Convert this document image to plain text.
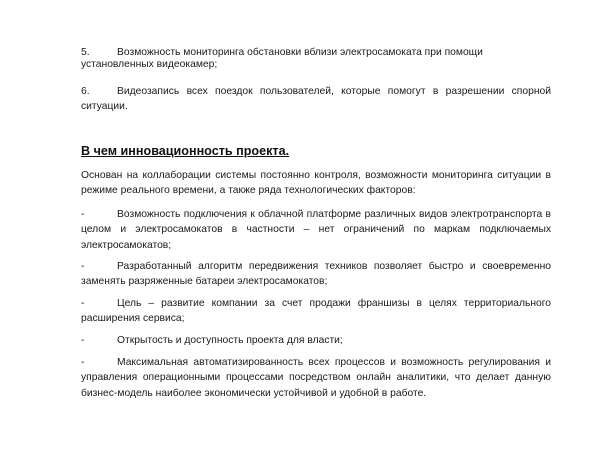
5.	Возможность мониторинга обстановки вблизи электросамоката при помощи
установленных видеокамер;

6.	Видеозапись всех поездок пользователей, которые помогут в разрешении спорной ситуации.

В чем инновационность проекта.

Основан на коллаборации системы постоянно контроля, возможности мониторинга ситуации в режиме реального времени, а также ряда технологических факторов:

-	Возможность подключения к облачной платформе различных видов электротранспорта в целом и электросамокатов в частности – нет ограничений по маркам подключаемых электросамокатов;

-	Разработанный алгоритм передвижения техников позволяет быстро и своевременно заменять разряженные батареи электросамокатов;

-	Цель – развитие компании за счет продажи франшизы в целях территориального расширения сервиса;

-	Открытость и доступность проекта для власти;

-	Максимальная автоматизированность всех процессов и возможность регулирования и управления операционными процессами посредством онлайн аналитики, что делает данную бизнес-модель наиболее экономически устойчивой и удобной в работе.
